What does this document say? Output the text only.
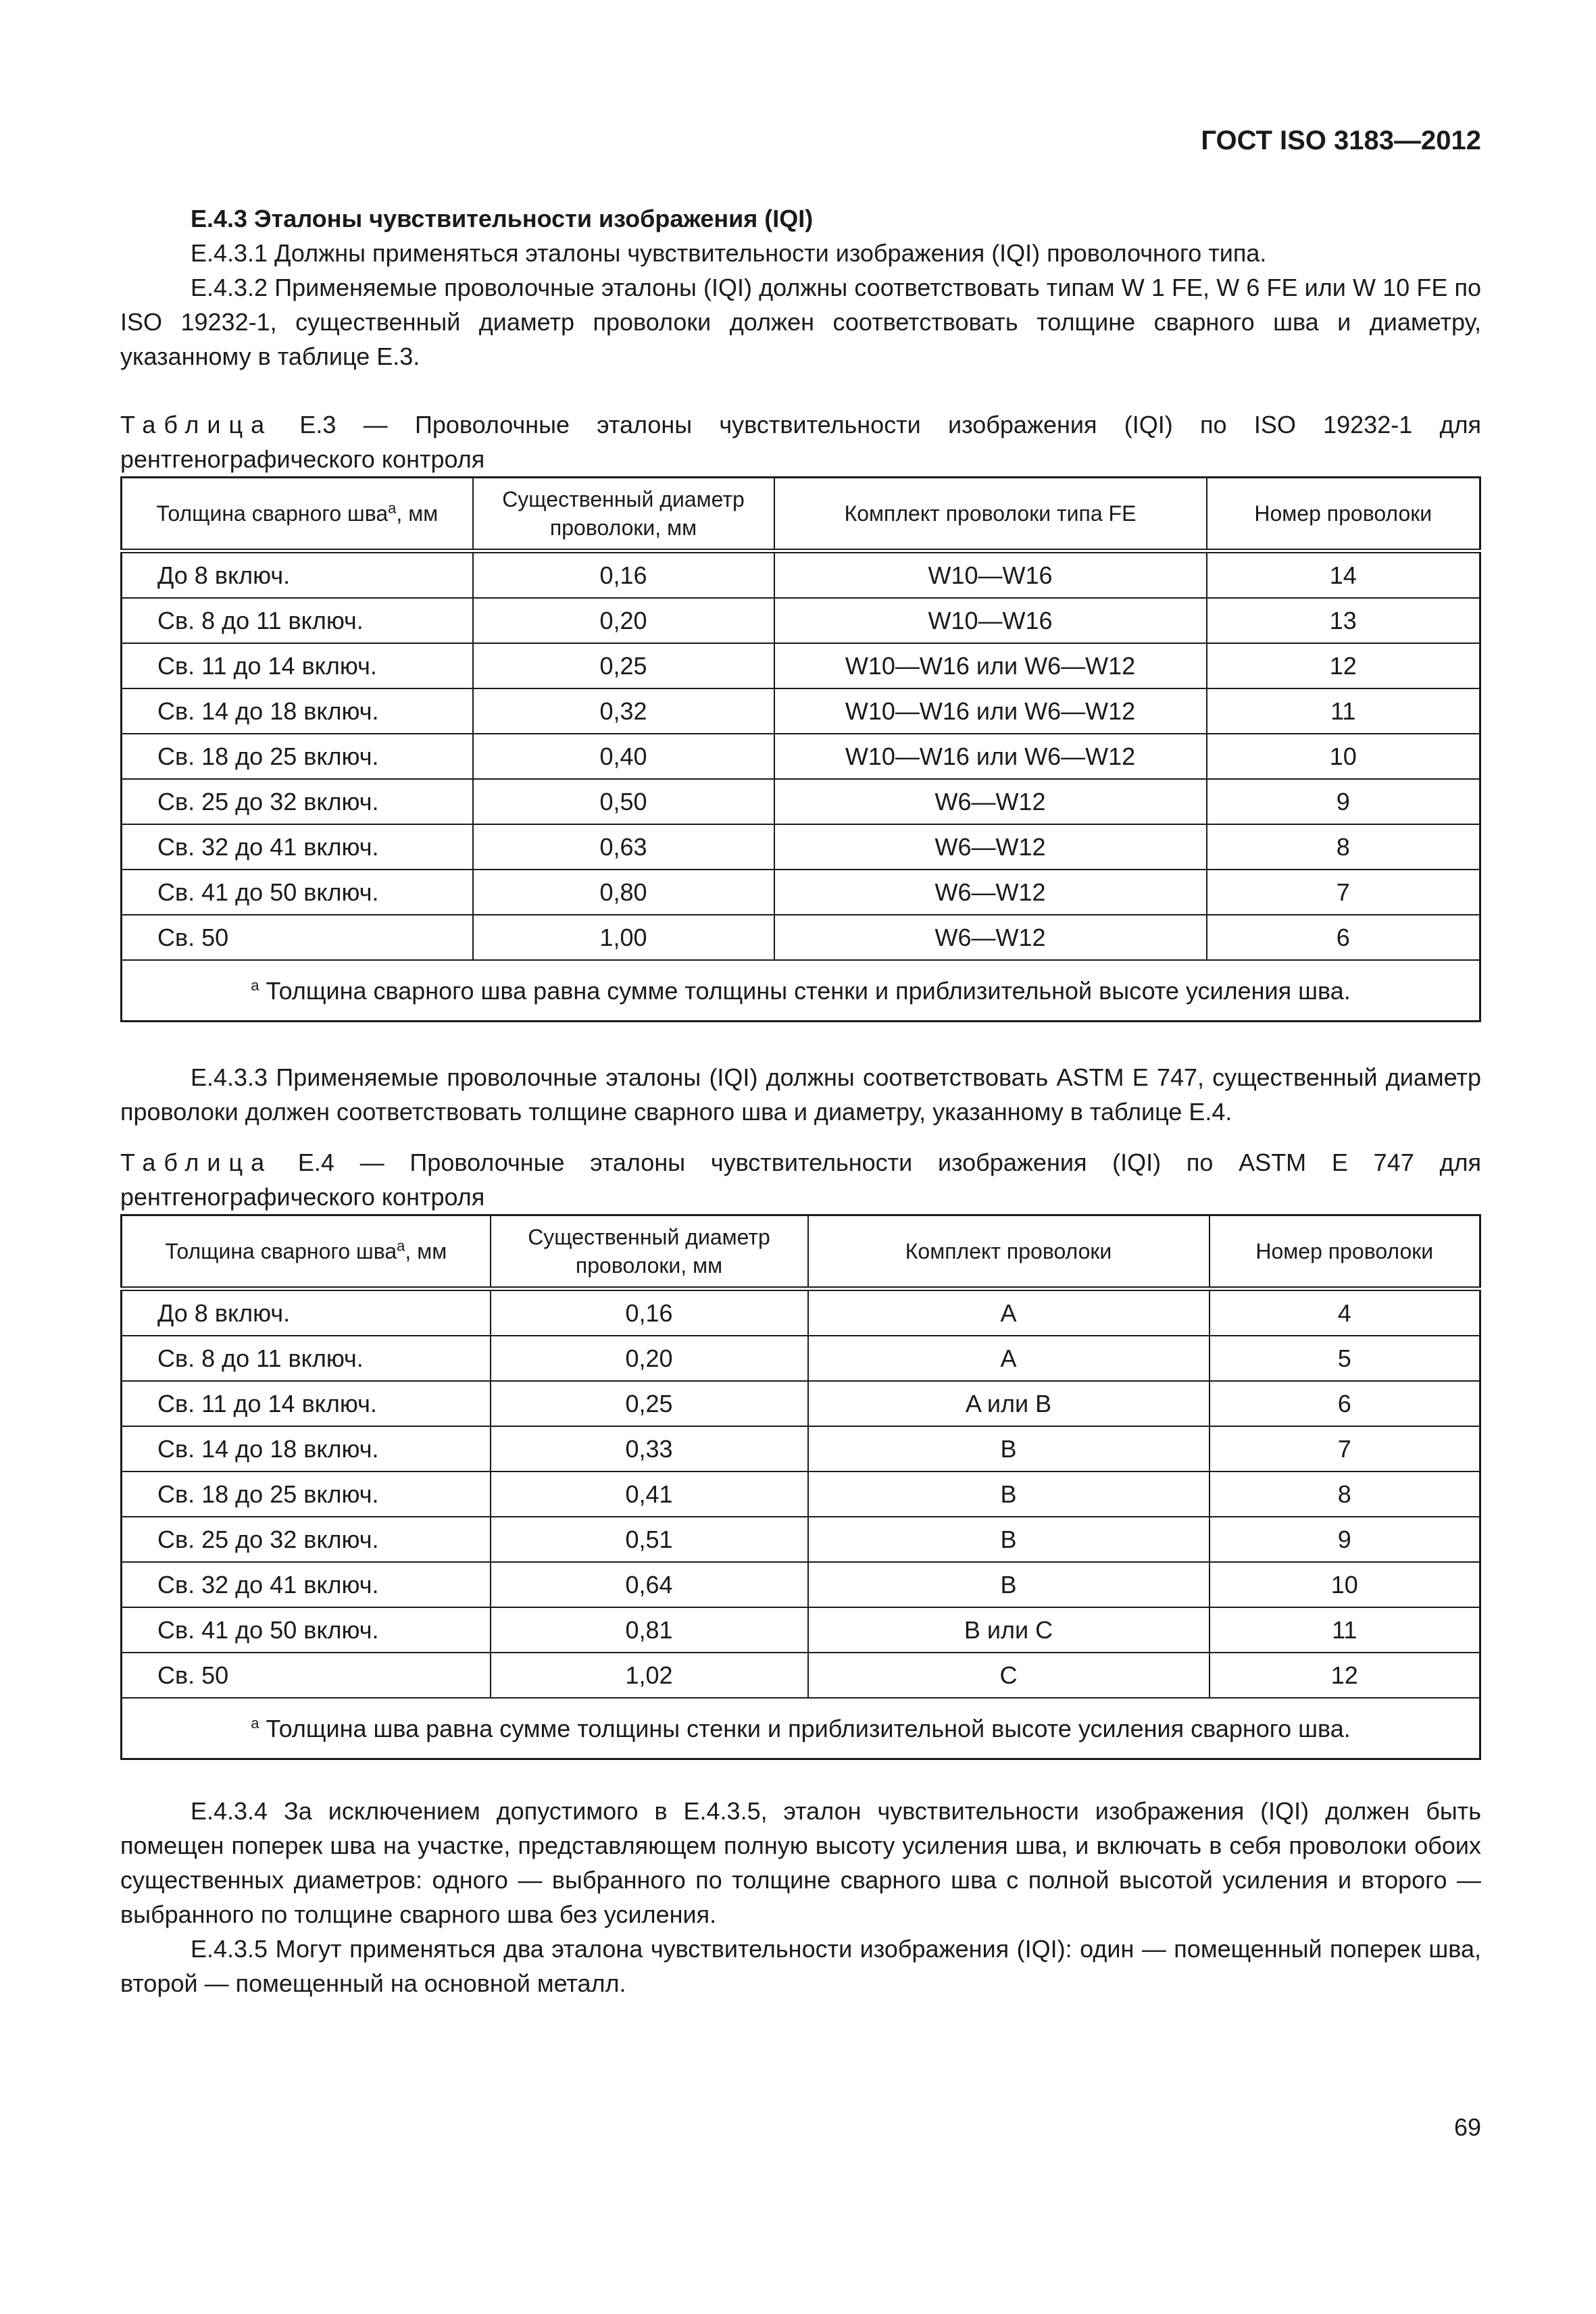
ГОСТ ISO 3183—2012
Е.4.3 Эталоны чувствительности изображения (IQI)
Е.4.3.1 Должны применяться эталоны чувствительности изображения (IQI) проволочного типа.
Е.4.3.2 Применяемые проволочные эталоны (IQI) должны соответствовать типам W 1 FE, W 6 FE или W 10 FE по ISO 19232-1, существенный диаметр проволоки должен соответствовать толщине сварного шва и диаметру, указанному в таблице Е.3.
Таблица Е.3 — Проволочные эталоны чувствительности изображения (IQI) по ISO 19232-1 для рентгенографического контроля
Толщина сварного шва$^а$, мм	Существенный диаметр проволоки, мм	Комплект проволоки типа FE	Номер проволоки
До 8 включ.	0,16	W10—W16	14
Св. 8 до 11 включ.	0,20	W10—W16	13
Св. 11 до 14 включ.	0,25	W10—W16 или W6—W12	12
Св. 14 до 18 включ.	0,32	W10—W16 или W6—W12	11
Св. 18 до 25 включ.	0,40	W10—W16 или W6—W12	10
Св. 25 до 32 включ.	0,50	W6—W12	9
Св. 32 до 41 включ.	0,63	W6—W12	8
Св. 41 до 50 включ.	0,80	W6—W12	7
Св. 50	1,00	W6—W12	6
$^а$ Толщина сварного шва равна сумме толщины стенки и приблизительной высоте усиления шва.			
Е.4.3.3 Применяемые проволочные эталоны (IQI) должны соответствовать ASTM E 747, существенный диаметр проволоки должен соответствовать толщине сварного шва и диаметру, указанному в таблице Е.4.
Таблица Е.4 — Проволочные эталоны чувствительности изображения (IQI) по ASTM E 747 для рентгенографического контроля
Толщина сварного шва$^а$, мм	Существенный диаметр проволоки, мм	Комплект проволоки	Номер проволоки
До 8 включ.	0,16	A	4
Св. 8 до 11 включ.	0,20	A	5
Св. 11 до 14 включ.	0,25	A или B	6
Св. 14 до 18 включ.	0,33	B	7
Св. 18 до 25 включ.	0,41	B	8
Св. 25 до 32 включ.	0,51	B	9
Св. 32 до 41 включ.	0,64	B	10
Св. 41 до 50 включ.	0,81	B или C	11
Св. 50	1,02	C	12
$^а$ Толщина шва равна сумме толщины стенки и приблизительной высоте усиления сварного шва.			
Е.4.3.4 За исключением допустимого в Е.4.3.5, эталон чувствительности изображения (IQI) должен быть помещен поперек шва на участке, представляющем полную высоту усиления шва, и включать в себя проволоки обоих существенных диаметров: одного — выбранного по толщине сварного шва с полной высотой усиления и второго — выбранного по толщине сварного шва без усиления.
Е.4.3.5 Могут применяться два эталона чувствительности изображения (IQI): один — помещенный поперек шва, второй — помещенный на основной металл.
69
